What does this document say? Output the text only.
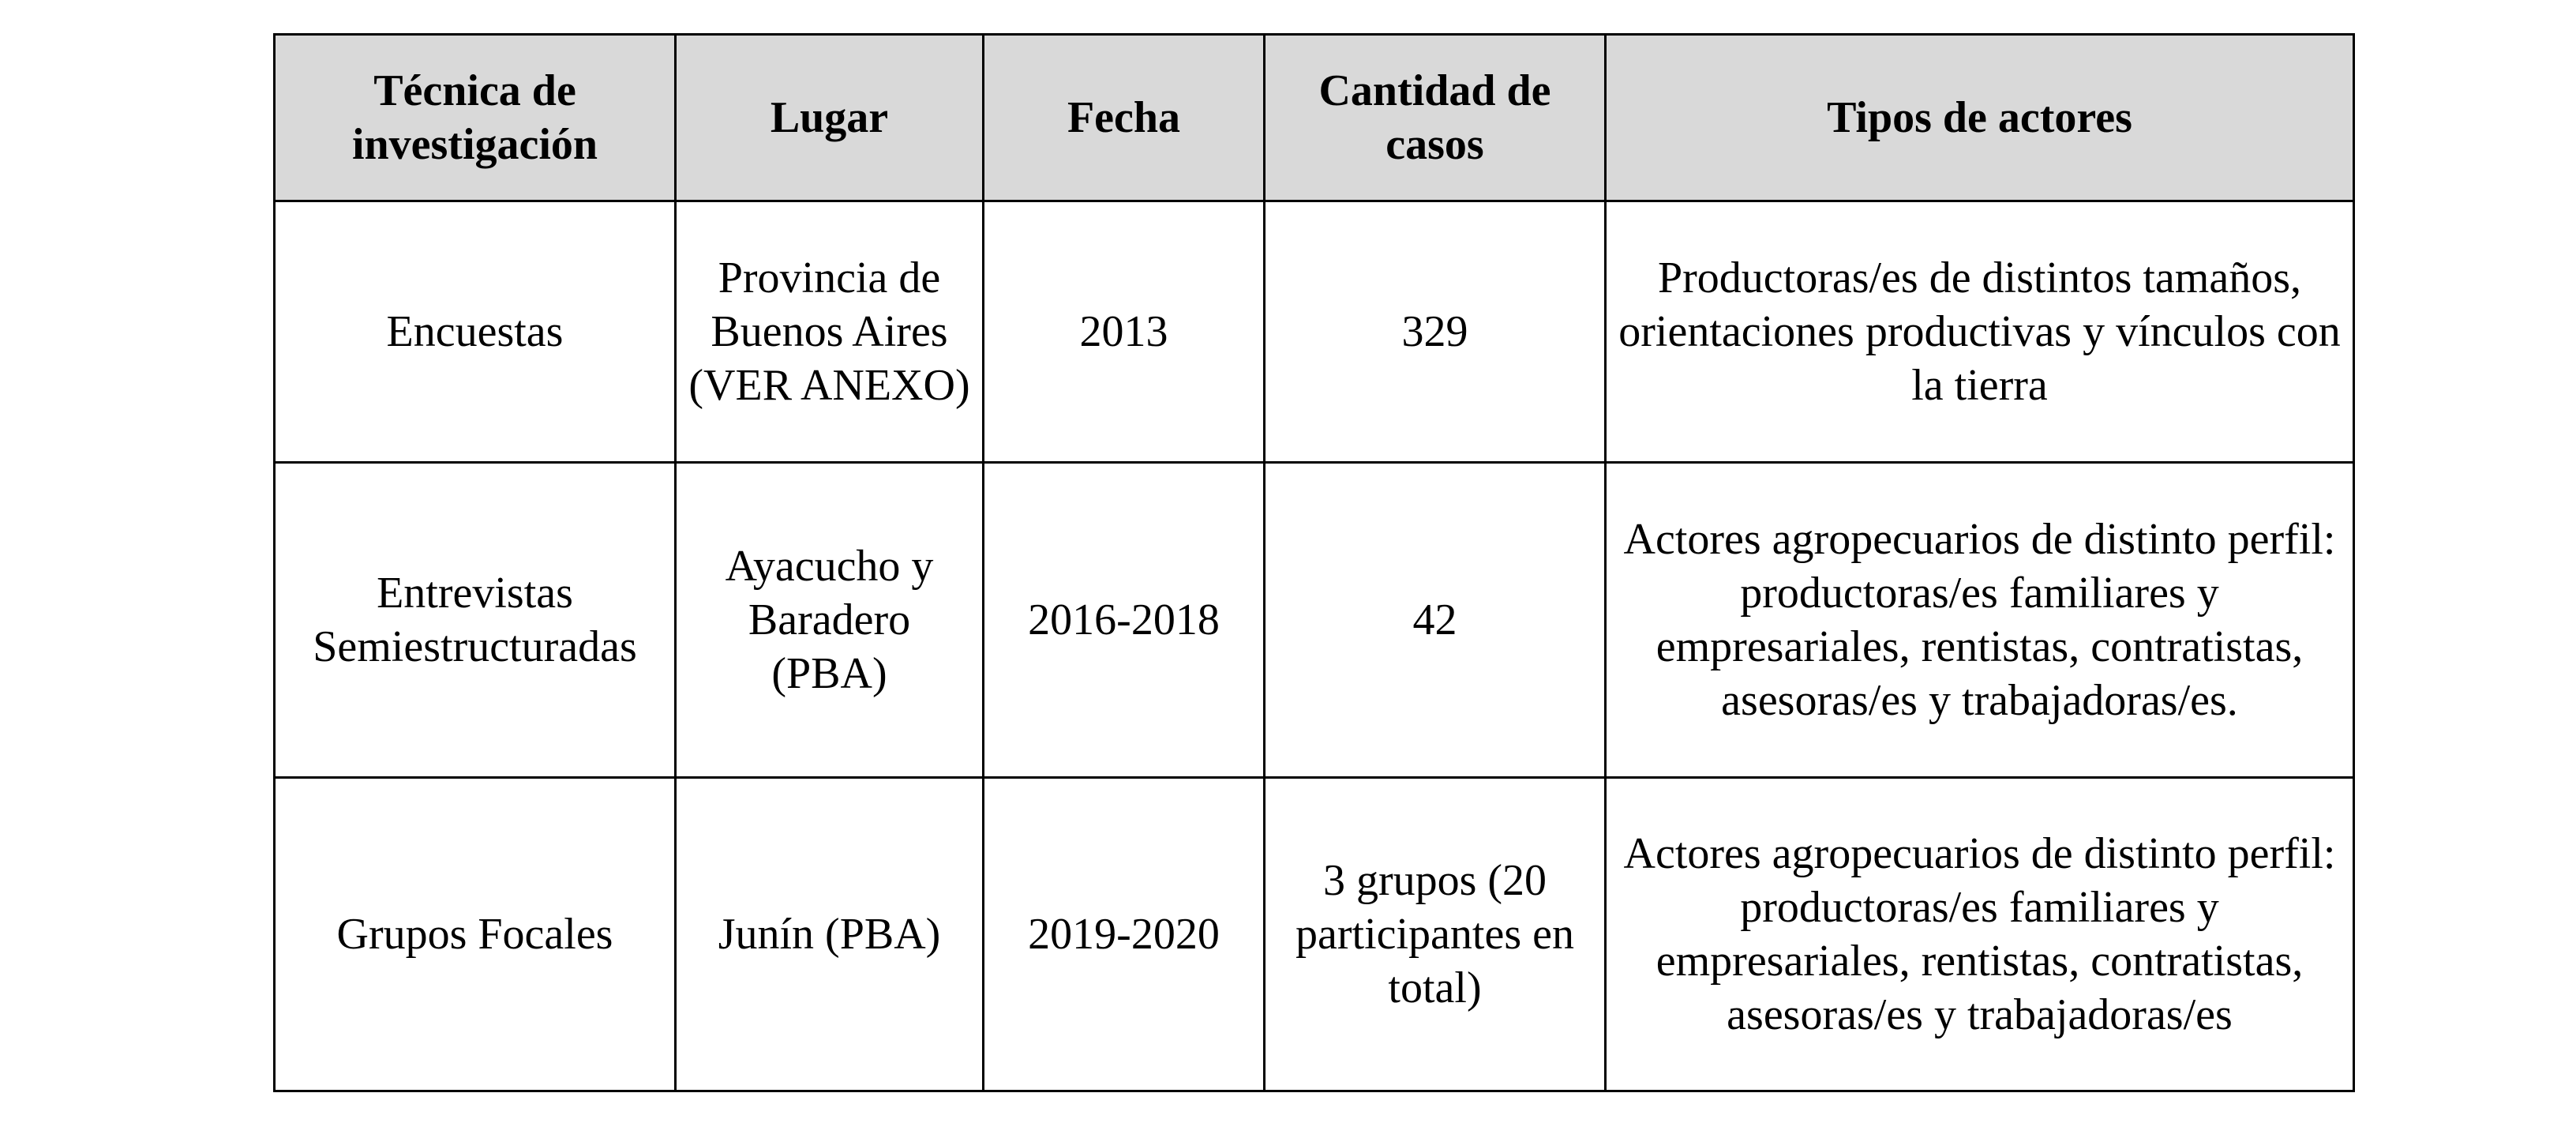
Técnica de investigación	Lugar	Fecha	Cantidad de casos	Tipos de actores
Encuestas	Provincia de Buenos Aires (VER ANEXO)	2013	329	Productoras/es de distintos tamaños, orientaciones productivas y vínculos con la tierra
Entrevistas Semiestructuradas	Ayacucho y Baradero (PBA)	2016-2018	42	Actores agropecuarios de distinto perfil: productoras/es familiares y empresariales, rentistas, contratistas, asesoras/es y trabajadoras/es.
Grupos Focales	Junín (PBA)	2019-2020	3 grupos (20 participantes en total)	Actores agropecuarios de distinto perfil: productoras/es familiares y empresariales, rentistas, contratistas, asesoras/es y trabajadoras/es
